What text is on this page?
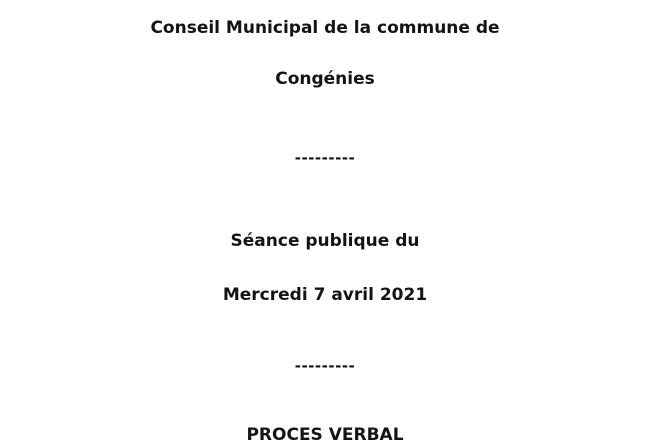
Conseil Municipal de la commune de
Congénies
---------
Séance publique du
Mercredi 7 avril 2021
---------
PROCES VERBAL
